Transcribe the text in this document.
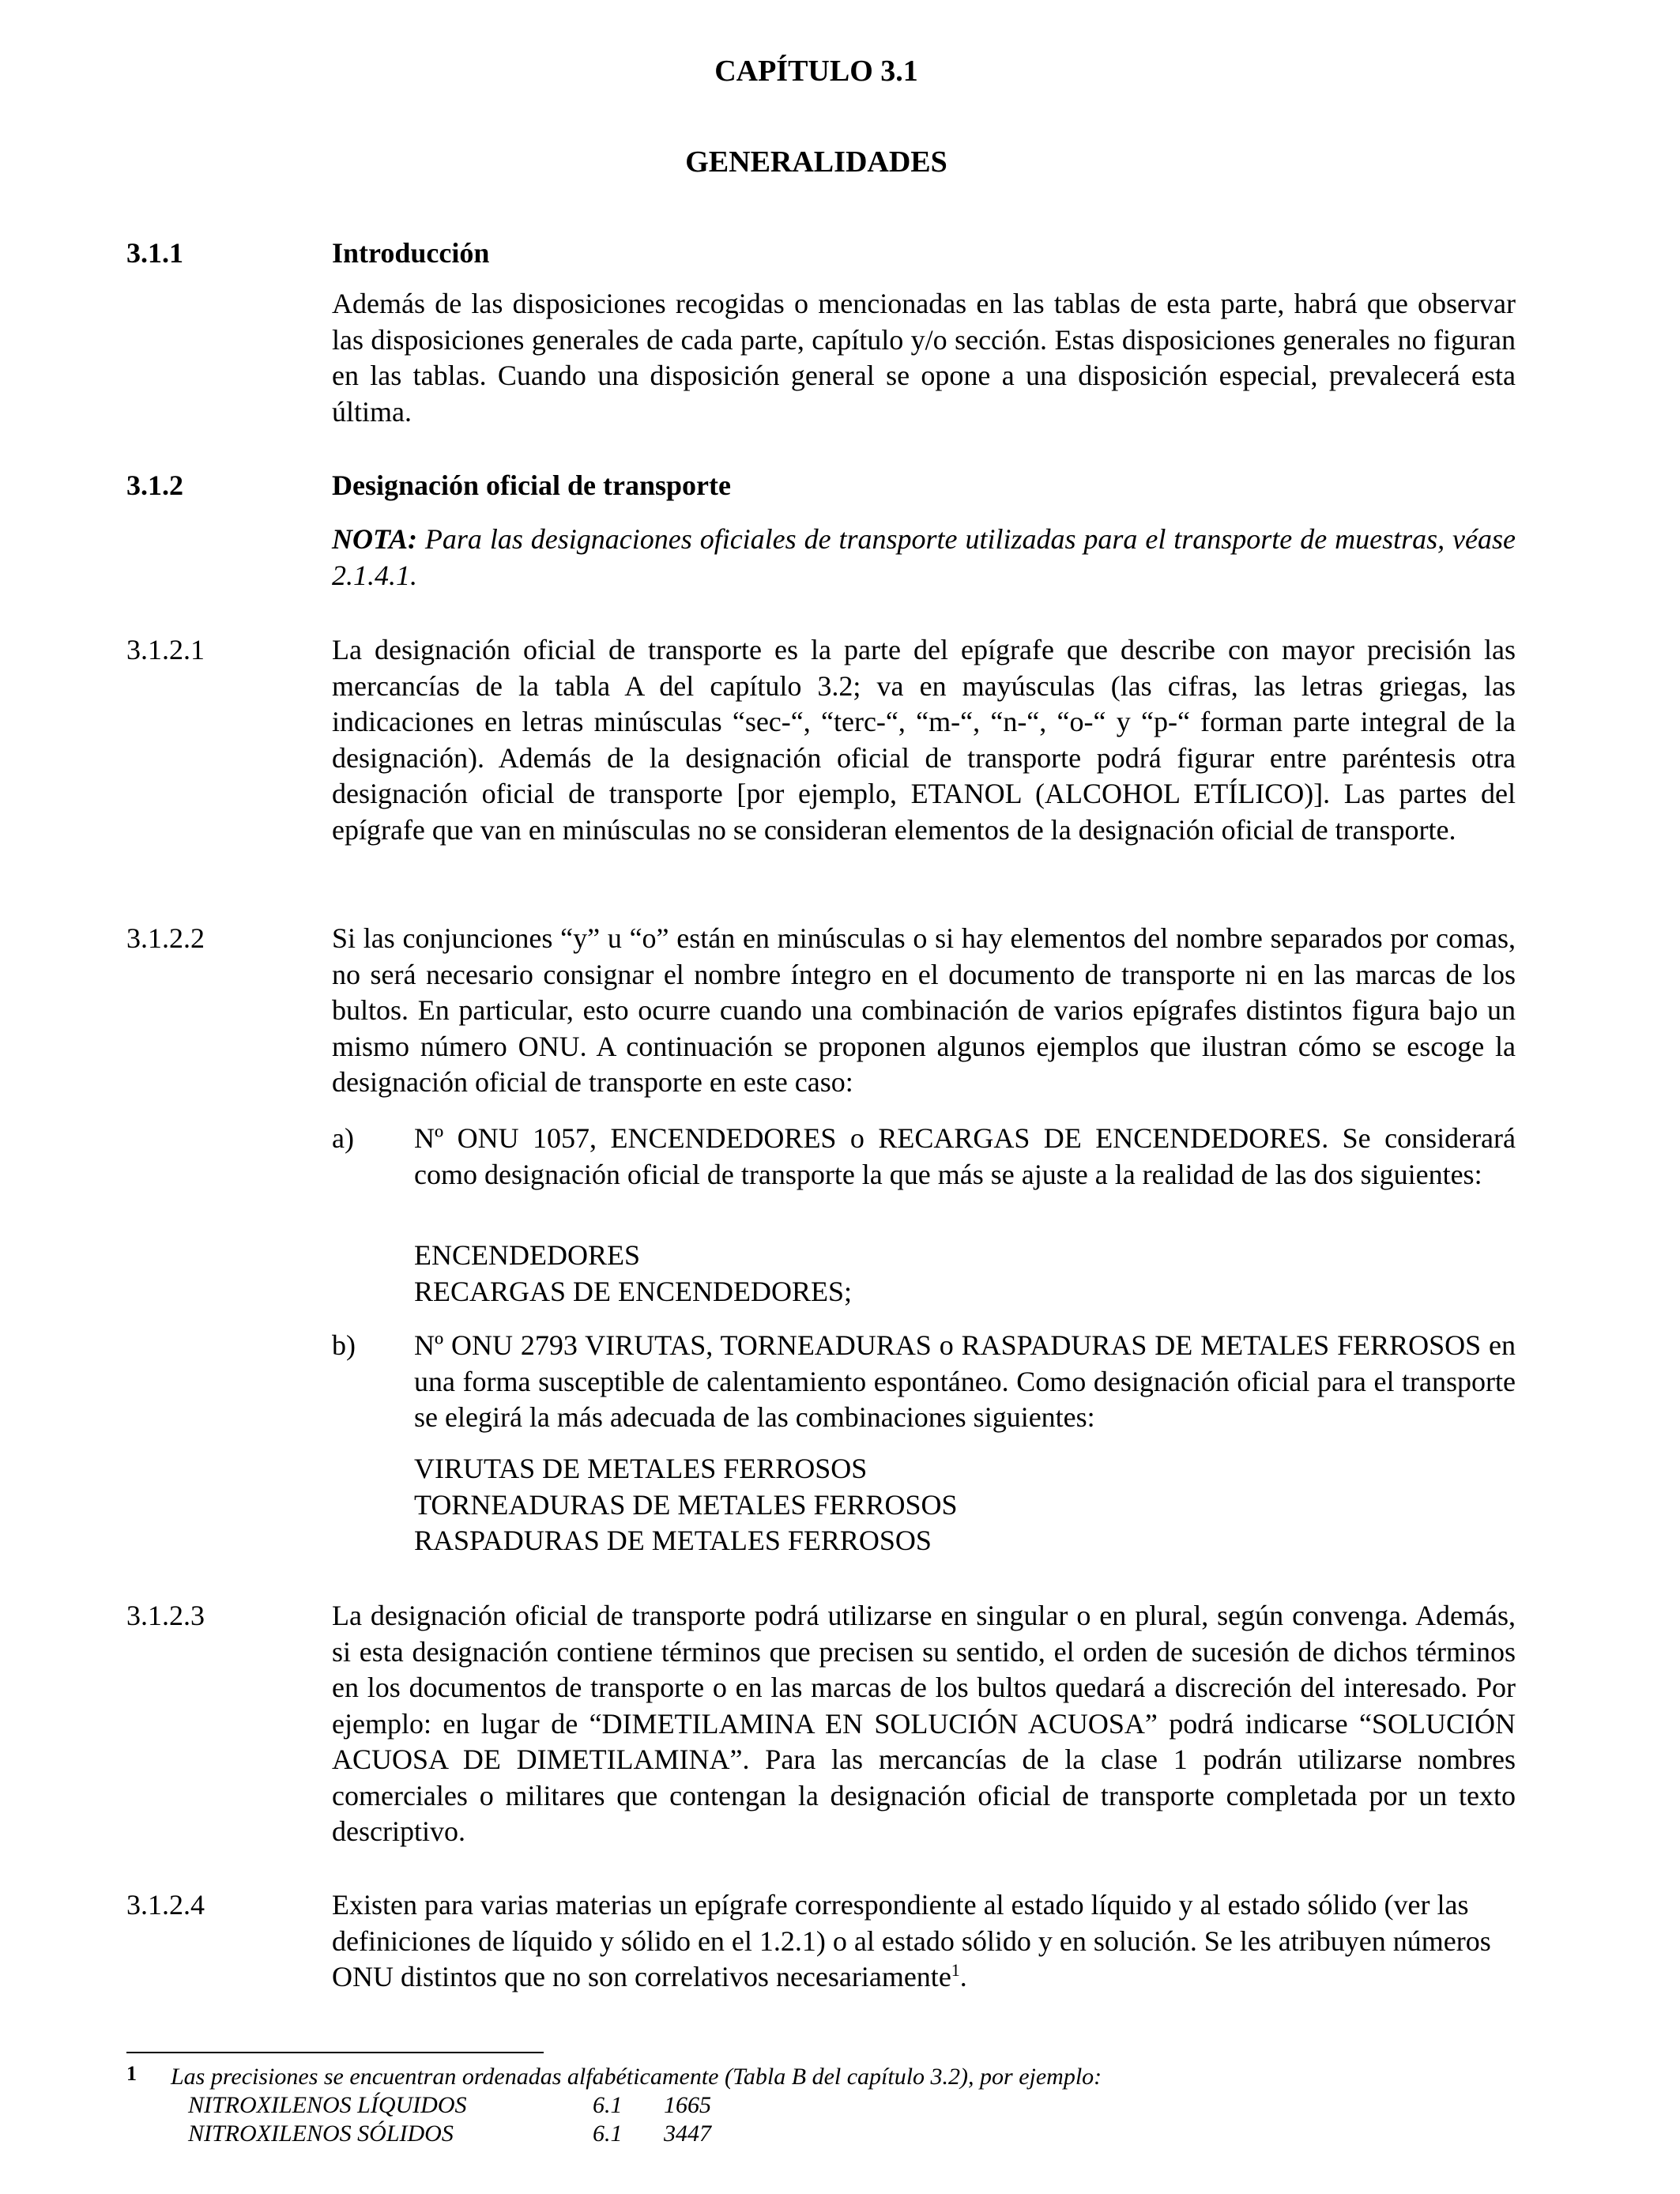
CAPÍTULO 3.1
GENERALIDADES
3.1.1	Introducción
Además de las disposiciones recogidas o mencionadas en las tablas de esta parte, habrá que observar las disposiciones generales de cada parte, capítulo y/o sección. Estas disposiciones generales no figuran en las tablas. Cuando una disposición general se opone a una disposición especial, prevalecerá esta última.
3.1.2	Designación oficial de transporte
NOTA: Para las designaciones oficiales de transporte utilizadas para el transporte de muestras, véase 2.1.4.1.
3.1.2.1	La designación oficial de transporte es la parte del epígrafe que describe con mayor precisión las mercancías de la tabla A del capítulo 3.2; va en mayúsculas (las cifras, las letras griegas, las indicaciones en letras minúsculas “sec-“, “terc-“, “m-“, “n-“, “o-“ y “p-“ forman parte integral de la designación). Además de la designación oficial de transporte podrá figurar entre paréntesis otra designación oficial de transporte [por ejemplo, ETANOL (ALCOHOL ETÍLICO)]. Las partes del epígrafe que van en minúsculas no se consideran elementos de la designación oficial de transporte.
3.1.2.2	Si las conjunciones “y” u “o” están en minúsculas o si hay elementos del nombre separados por comas, no será necesario consignar el nombre íntegro en el documento de transporte ni en las marcas de los bultos. En particular, esto ocurre cuando una combinación de varios epígrafes distintos figura bajo un mismo número ONU. A continuación se proponen algunos ejemplos que ilustran cómo se escoge la designación oficial de transporte en este caso:
a) Nº ONU 1057, ENCENDEDORES o RECARGAS DE ENCENDEDORES. Se considerará como designación oficial de transporte la que más se ajuste a la realidad de las dos siguientes:
ENCENDEDORES
RECARGAS DE ENCENDEDORES;
b) Nº ONU 2793 VIRUTAS, TORNEADURAS o RASPADURAS DE METALES FERROSOS en una forma susceptible de calentamiento espontáneo. Como designación oficial para el transporte se elegirá la más adecuada de las combinaciones siguientes:
VIRUTAS DE METALES FERROSOS
TORNEADURAS DE METALES FERROSOS
RASPADURAS DE METALES FERROSOS
3.1.2.3	La designación oficial de transporte podrá utilizarse en singular o en plural, según convenga. Además, si esta designación contiene términos que precisen su sentido, el orden de sucesión de dichos términos en los documentos de transporte o en las marcas de los bultos quedará a discreción del interesado. Por ejemplo: en lugar de “DIMETILAMINA EN SOLUCIÓN ACUOSA” podrá indicarse “SOLUCIÓN ACUOSA DE DIMETILAMINA”. Para las mercancías de la clase 1 podrán utilizarse nombres comerciales o militares que contengan la designación oficial de transporte completada por un texto descriptivo.
3.1.2.4	Existen para varias materias un epígrafe correspondiente al estado líquido y al estado sólido (ver las definiciones de líquido y sólido en el 1.2.1) o al estado sólido y en solución. Se les atribuyen números ONU distintos que no son correlativos necesariamente$^1$.
1 Las precisiones se encuentran ordenadas alfabéticamente (Tabla B del capítulo 3.2), por ejemplo:
NITROXILENOS LÍQUIDOS	6.1	1665
NITROXILENOS SÓLIDOS	6.1	3447
